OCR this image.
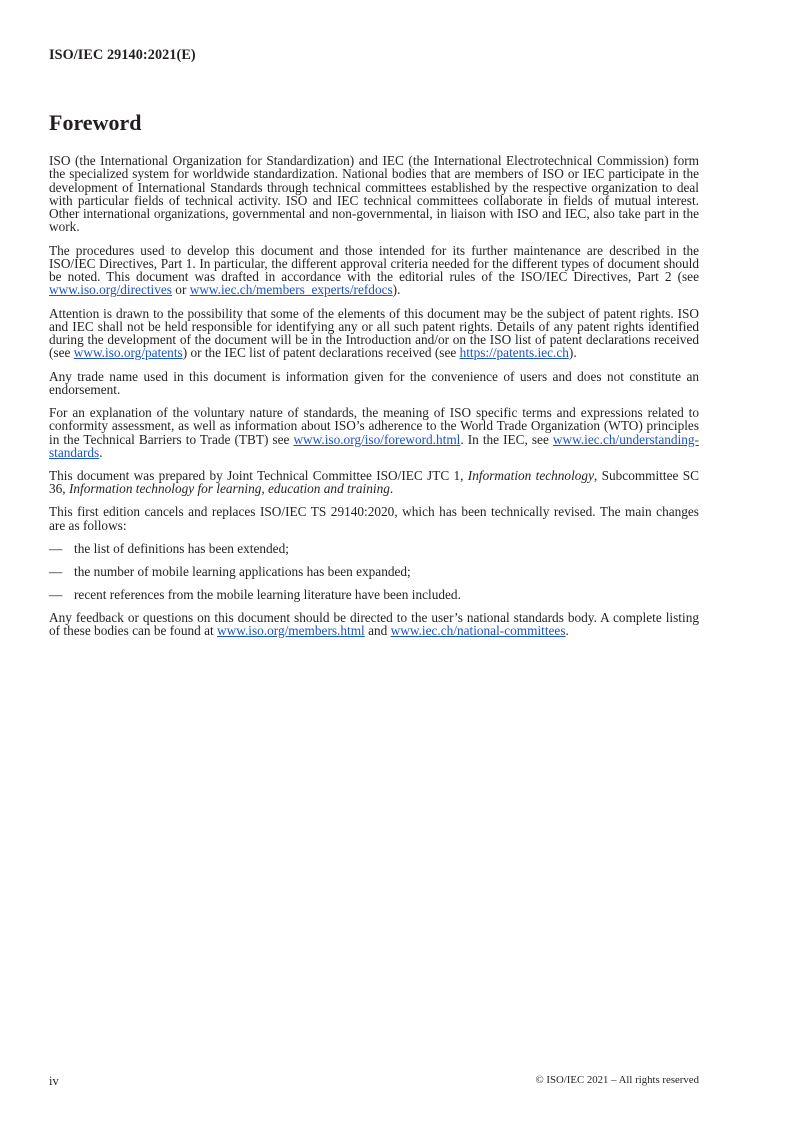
ISO/IEC 29140:2021(E)
Foreword

ISO (the International Organization for Standardization) and IEC (the International Electrotechnical Commission) form the specialized system for worldwide standardization. National bodies that are members of ISO or IEC participate in the development of International Standards through technical committees established by the respective organization to deal with particular fields of technical activity. ISO and IEC technical committees collaborate in fields of mutual interest. Other international organizations, governmental and non-governmental, in liaison with ISO and IEC, also take part in the work.

The procedures used to develop this document and those intended for its further maintenance are described in the ISO/IEC Directives, Part 1. In particular, the different approval criteria needed for the different types of document should be noted. This document was drafted in accordance with the editorial rules of the ISO/IEC Directives, Part 2 (see www.iso.org/directives or www.iec.ch/members_experts/refdocs).

Attention is drawn to the possibility that some of the elements of this document may be the subject of patent rights. ISO and IEC shall not be held responsible for identifying any or all such patent rights. Details of any patent rights identified during the development of the document will be in the Introduction and/or on the ISO list of patent declarations received (see www.iso.org/patents) or the IEC list of patent declarations received (see https://patents.iec.ch).

Any trade name used in this document is information given for the convenience of users and does not constitute an endorsement.

For an explanation of the voluntary nature of standards, the meaning of ISO specific terms and expressions related to conformity assessment, as well as information about ISO’s adherence to the World Trade Organization (WTO) principles in the Technical Barriers to Trade (TBT) see www.iso.org/iso/foreword.html. In the IEC, see www.iec.ch/understanding-standards.

This document was prepared by Joint Technical Committee ISO/IEC JTC 1, Information technology, Subcommittee SC 36, Information technology for learning, education and training.

This first edition cancels and replaces ISO/IEC TS 29140:2020, which has been technically revised. The main changes are as follows:

— the list of definitions has been extended;
— the number of mobile learning applications has been expanded;
— recent references from the mobile learning literature have been included.

Any feedback or questions on this document should be directed to the user’s national standards body. A complete listing of these bodies can be found at www.iso.org/members.html and www.iec.ch/national-committees.

iv	© ISO/IEC 2021 – All rights reserved
